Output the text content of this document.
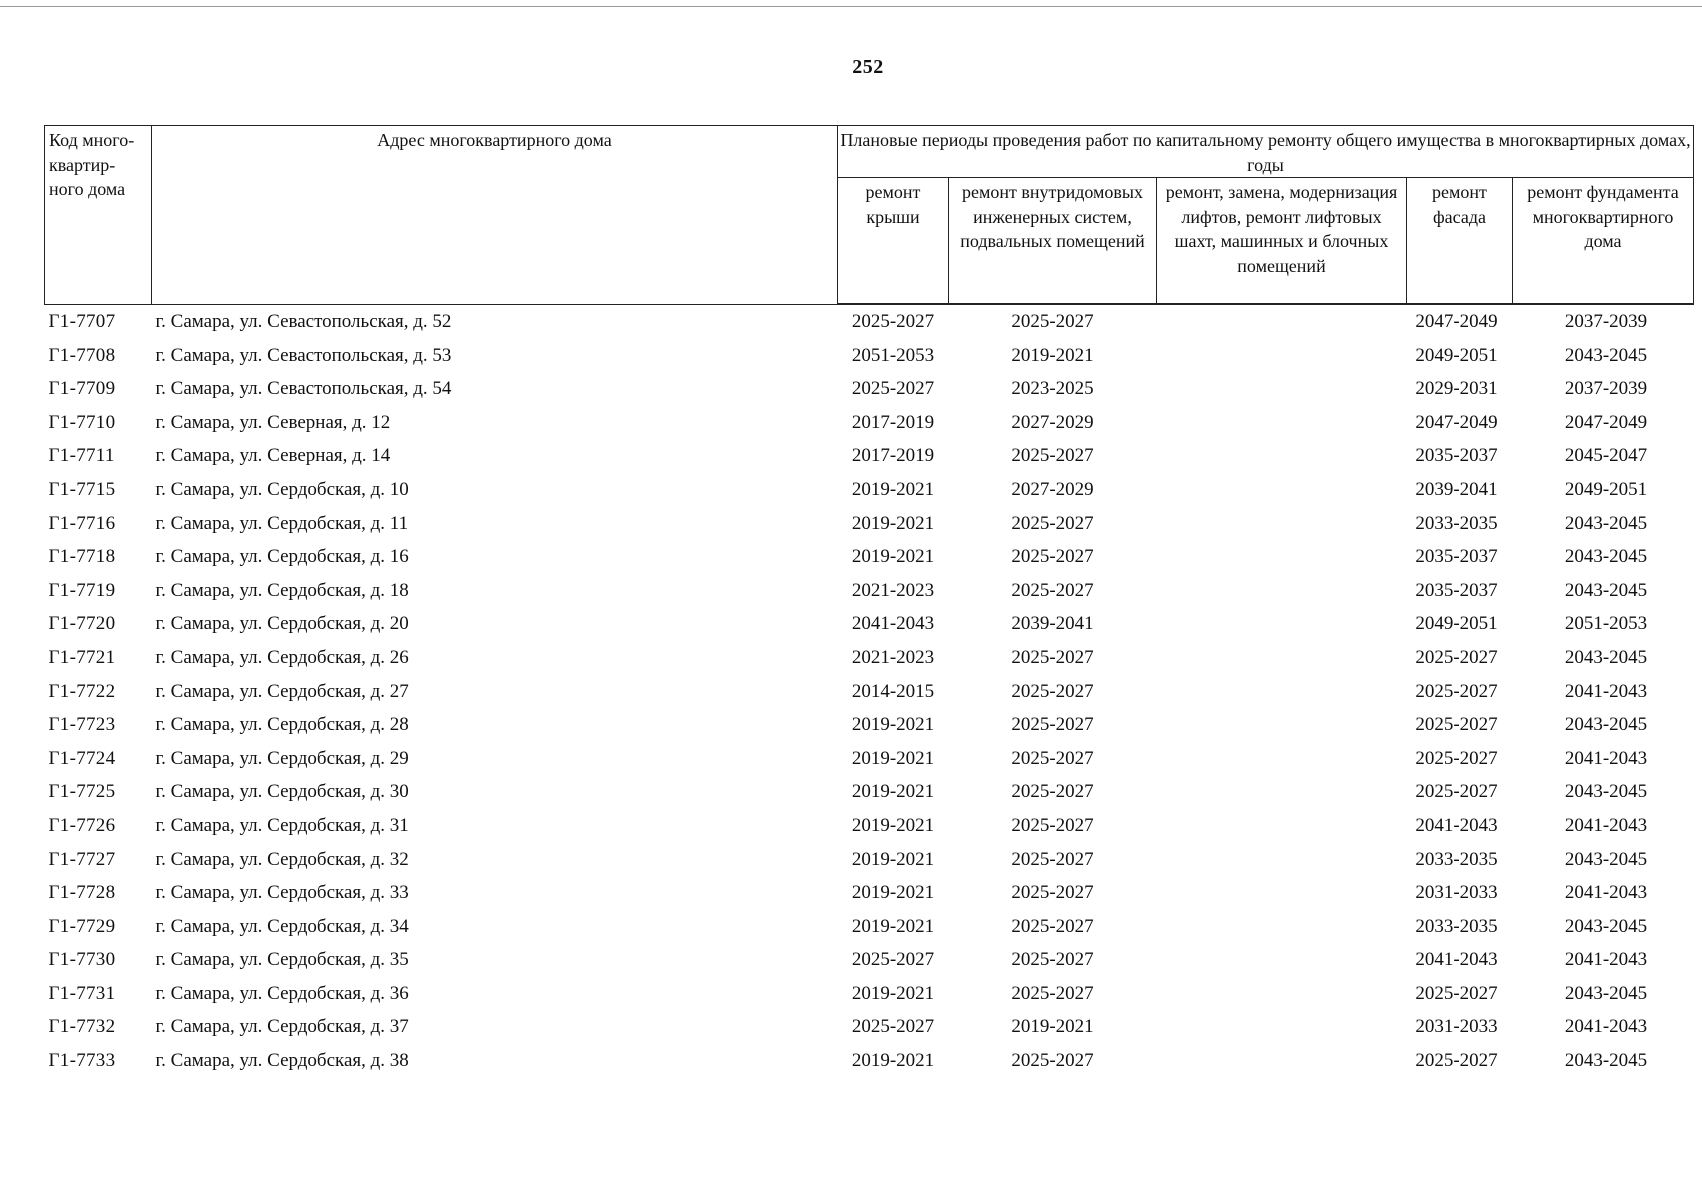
252
Код много-квартир-ного дома	Адрес многоквартирного дома	Плановые периоды проведения работ по капитальному ремонту общего имущества в многоквартирных домах, годы				
		ремонт крыши	ремонт внутридомовых инженерных систем, подвальных помещений	ремонт, замена, модернизация лифтов, ремонт лифтовых шахт, машинных и блочных помещений	ремонт фасада	ремонт фундамента многоквартирного дома
Г1-7707	г. Самара, ул. Севастопольская, д. 52	2025-2027	2025-2027		2047-2049	2037-2039
Г1-7708	г. Самара, ул. Севастопольская, д. 53	2051-2053	2019-2021		2049-2051	2043-2045
Г1-7709	г. Самара, ул. Севастопольская, д. 54	2025-2027	2023-2025		2029-2031	2037-2039
Г1-7710	г. Самара, ул. Северная, д. 12	2017-2019	2027-2029		2047-2049	2047-2049
Г1-7711	г. Самара, ул. Северная, д. 14	2017-2019	2025-2027		2035-2037	2045-2047
Г1-7715	г. Самара, ул. Сердобская, д. 10	2019-2021	2027-2029		2039-2041	2049-2051
Г1-7716	г. Самара, ул. Сердобская, д. 11	2019-2021	2025-2027		2033-2035	2043-2045
Г1-7718	г. Самара, ул. Сердобская, д. 16	2019-2021	2025-2027		2035-2037	2043-2045
Г1-7719	г. Самара, ул. Сердобская, д. 18	2021-2023	2025-2027		2035-2037	2043-2045
Г1-7720	г. Самара, ул. Сердобская, д. 20	2041-2043	2039-2041		2049-2051	2051-2053
Г1-7721	г. Самара, ул. Сердобская, д. 26	2021-2023	2025-2027		2025-2027	2043-2045
Г1-7722	г. Самара, ул. Сердобская, д. 27	2014-2015	2025-2027		2025-2027	2041-2043
Г1-7723	г. Самара, ул. Сердобская, д. 28	2019-2021	2025-2027		2025-2027	2043-2045
Г1-7724	г. Самара, ул. Сердобская, д. 29	2019-2021	2025-2027		2025-2027	2041-2043
Г1-7725	г. Самара, ул. Сердобская, д. 30	2019-2021	2025-2027		2025-2027	2043-2045
Г1-7726	г. Самара, ул. Сердобская, д. 31	2019-2021	2025-2027		2041-2043	2041-2043
Г1-7727	г. Самара, ул. Сердобская, д. 32	2019-2021	2025-2027		2033-2035	2043-2045
Г1-7728	г. Самара, ул. Сердобская, д. 33	2019-2021	2025-2027		2031-2033	2041-2043
Г1-7729	г. Самара, ул. Сердобская, д. 34	2019-2021	2025-2027		2033-2035	2043-2045
Г1-7730	г. Самара, ул. Сердобская, д. 35	2025-2027	2025-2027		2041-2043	2041-2043
Г1-7731	г. Самара, ул. Сердобская, д. 36	2019-2021	2025-2027		2025-2027	2043-2045
Г1-7732	г. Самара, ул. Сердобская, д. 37	2025-2027	2019-2021		2031-2033	2041-2043
Г1-7733	г. Самара, ул. Сердобская, д. 38	2019-2021	2025-2027		2025-2027	2043-2045
